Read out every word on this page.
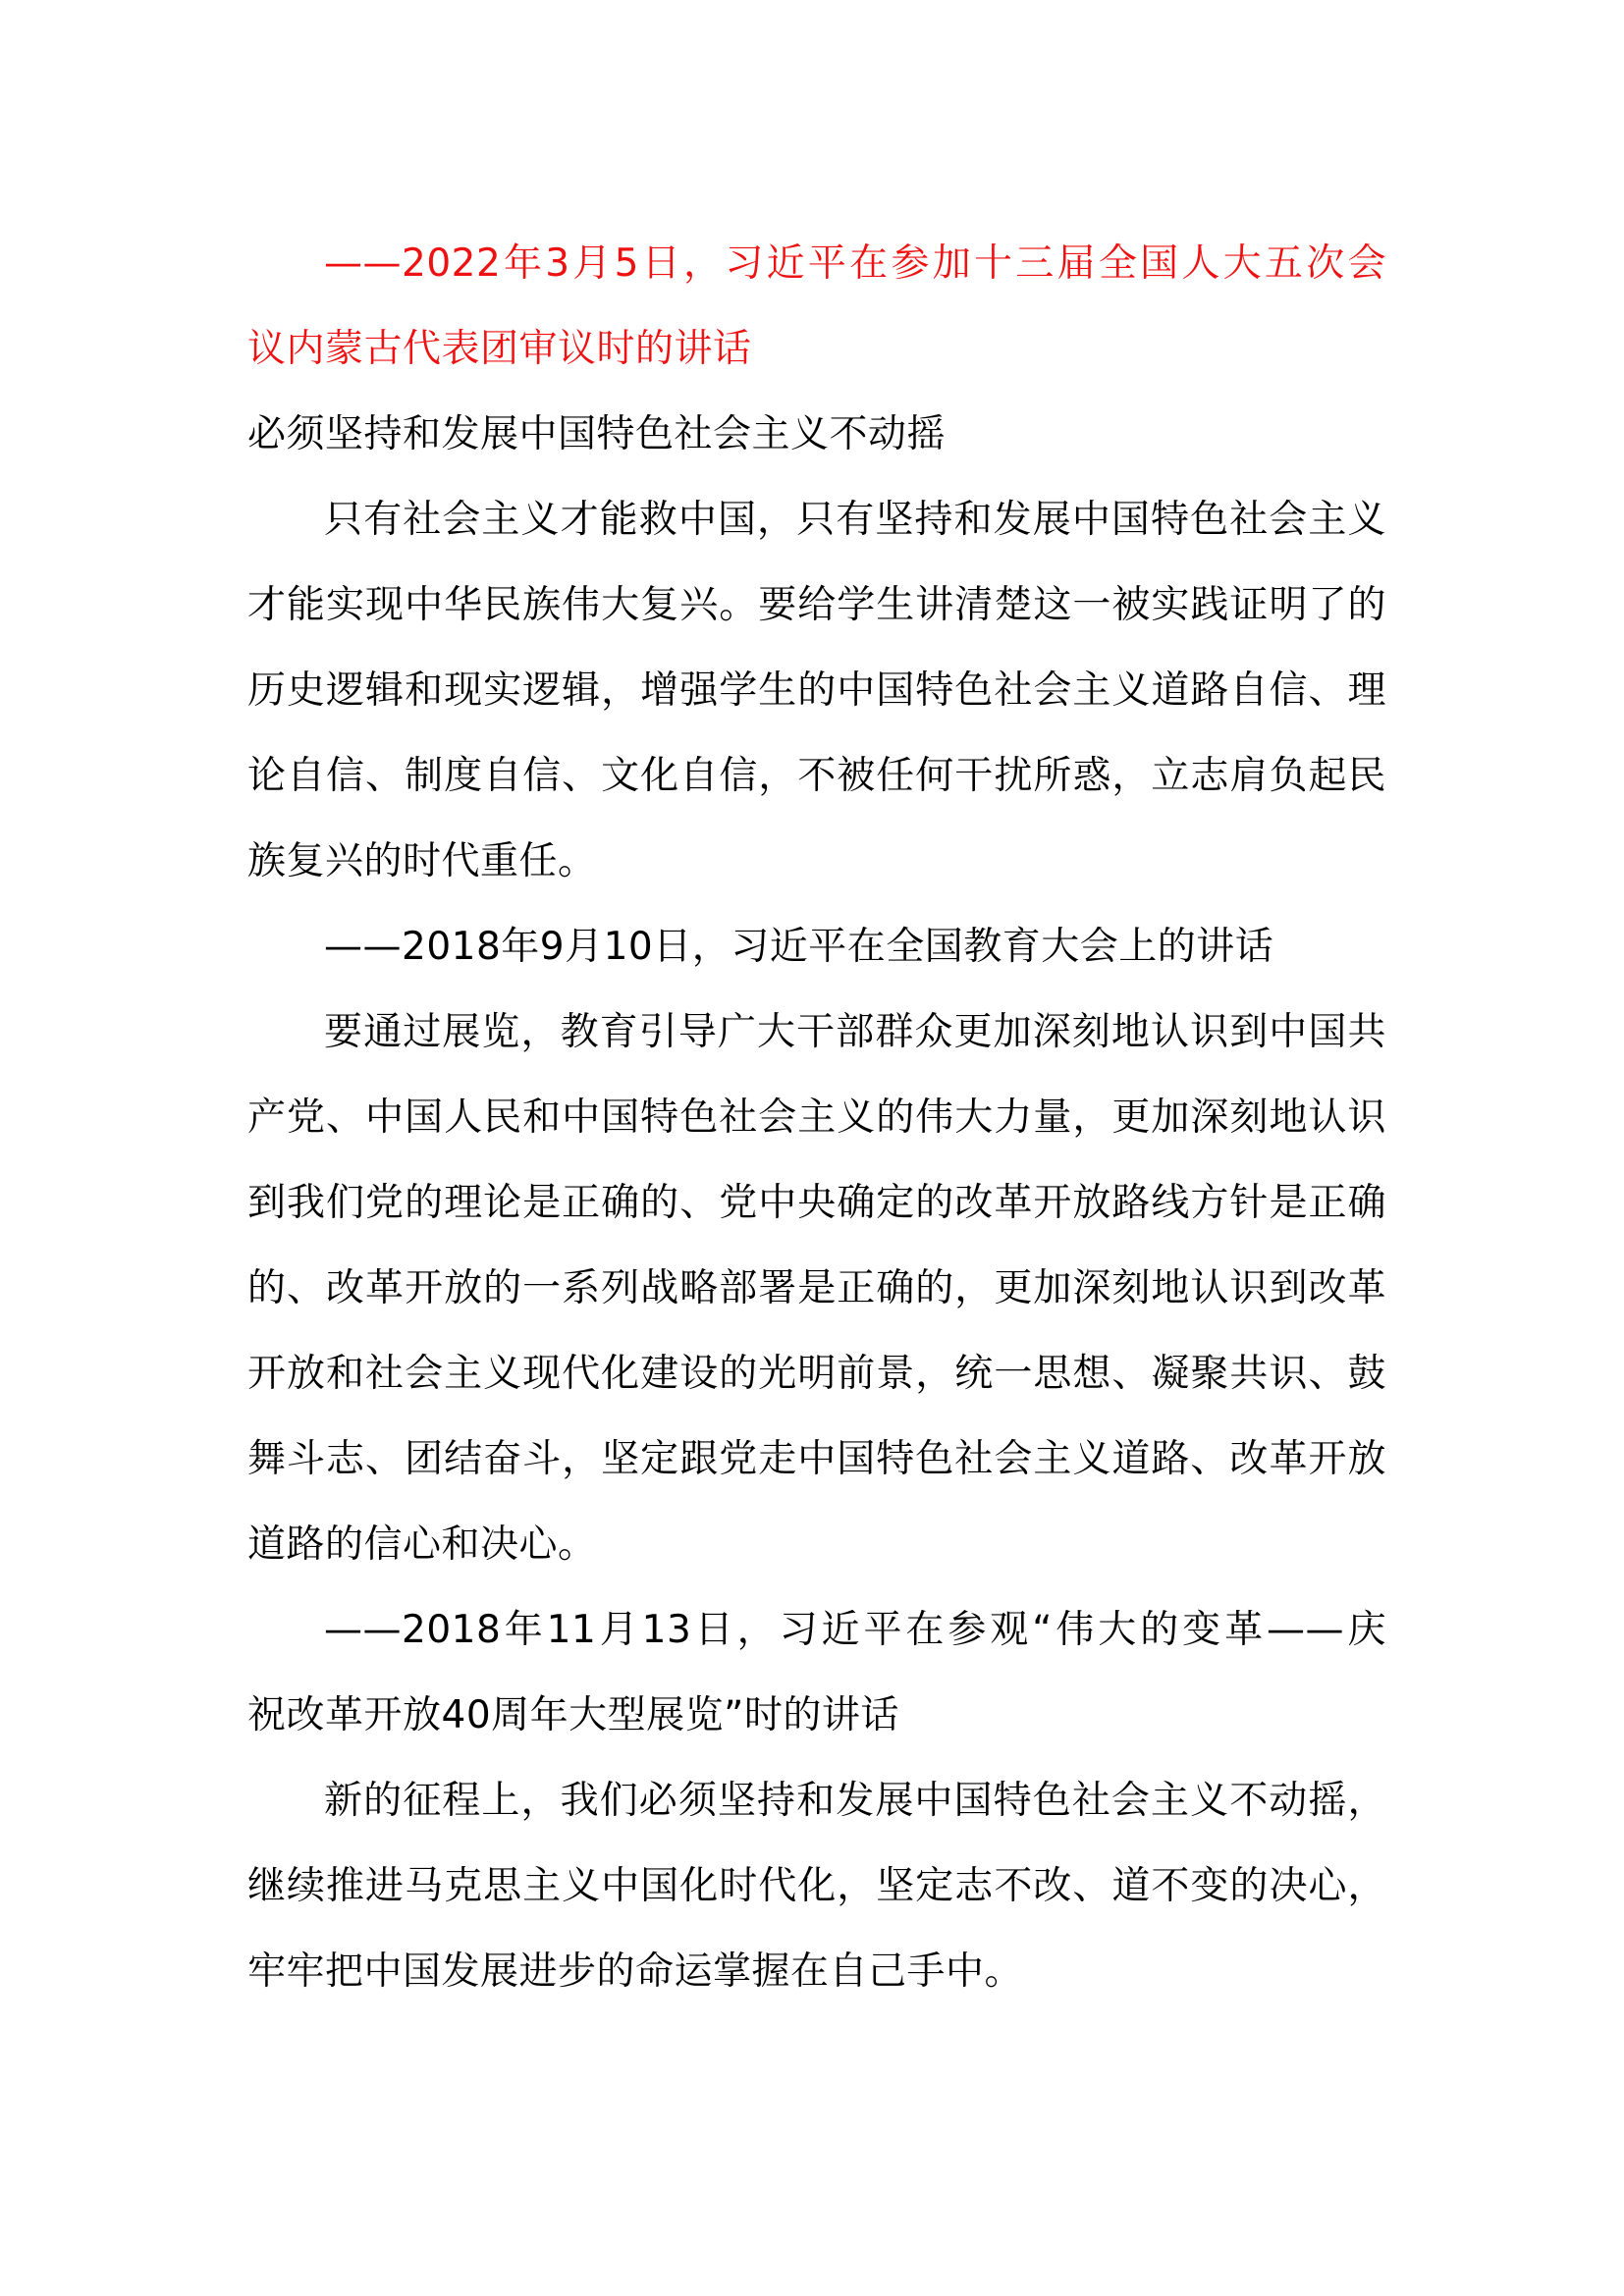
——2022年3月5日，习近平在参加十三届全国人大五次会
议内蒙古代表团审议时的讲话
必须坚持和发展中国特色社会主义不动摇
只有社会主义才能救中国，只有坚持和发展中国特色社会主义
才能实现中华民族伟大复兴。要给学生讲清楚这一被实践证明了的
历史逻辑和现实逻辑，增强学生的中国特色社会主义道路自信、理
论自信、制度自信、文化自信，不被任何干扰所惑，立志肩负起民
族复兴的时代重任。
——2018年9月10日，习近平在全国教育大会上的讲话
要通过展览，教育引导广大干部群众更加深刻地认识到中国共
产党、中国人民和中国特色社会主义的伟大力量，更加深刻地认识
到我们党的理论是正确的、党中央确定的改革开放路线方针是正确
的、改革开放的一系列战略部署是正确的，更加深刻地认识到改革
开放和社会主义现代化建设的光明前景，统一思想、凝聚共识、鼓
舞斗志、团结奋斗，坚定跟党走中国特色社会主义道路、改革开放
道路的信心和决心。
——2018年11月13日，习近平在参观“伟大的变革——庆
祝改革开放40周年大型展览”时的讲话
新的征程上，我们必须坚持和发展中国特色社会主义不动摇，
继续推进马克思主义中国化时代化，坚定志不改、道不变的决心，
牢牢把中国发展进步的命运掌握在自己手中。
